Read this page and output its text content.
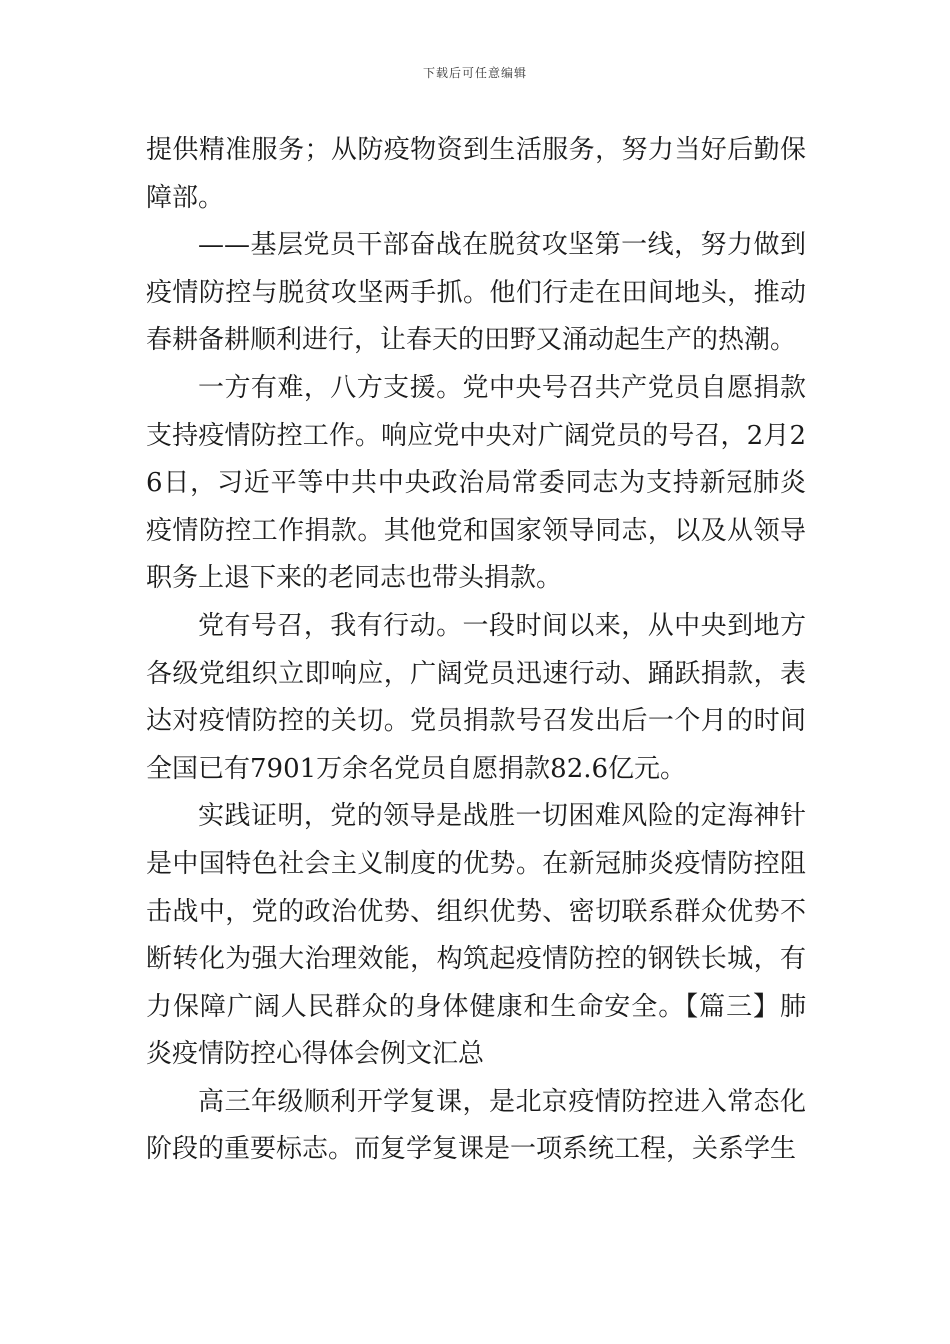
下载后可任意编辑

提供精准服务；从防疫物资到生活服务，努力当好后勤保障部。

——基层党员干部奋战在脱贫攻坚第一线，努力做到疫情防控与脱贫攻坚两手抓。他们行走在田间地头，推动春耕备耕顺利进行，让春天的田野又涌动起生产的热潮。

一方有难，八方支援。党中央号召共产党员自愿捐款支持疫情防控工作。响应党中央对广阔党员的号召，2月26日，习近平等中共中央政治局常委同志为支持新冠肺炎疫情防控工作捐款。其他党和国家领导同志，以及从领导职务上退下来的老同志也带头捐款。

党有号召，我有行动。一段时间以来，从中央到地方各级党组织立即响应，广阔党员迅速行动、踊跃捐款，表达对疫情防控的关切。党员捐款号召发出后一个月的时间全国已有7901万余名党员自愿捐款82.6亿元。

实践证明，党的领导是战胜一切困难风险的定海神针是中国特色社会主义制度的优势。在新冠肺炎疫情防控阻击战中，党的政治优势、组织优势、密切联系群众优势不断转化为强大治理效能，构筑起疫情防控的钢铁长城，有力保障广阔人民群众的身体健康和生命安全。【篇三】肺炎疫情防控心得体会例文汇总

高三年级顺利开学复课，是北京疫情防控进入常态化阶段的重要标志。而复学复课是一项系统工程，关系学生
